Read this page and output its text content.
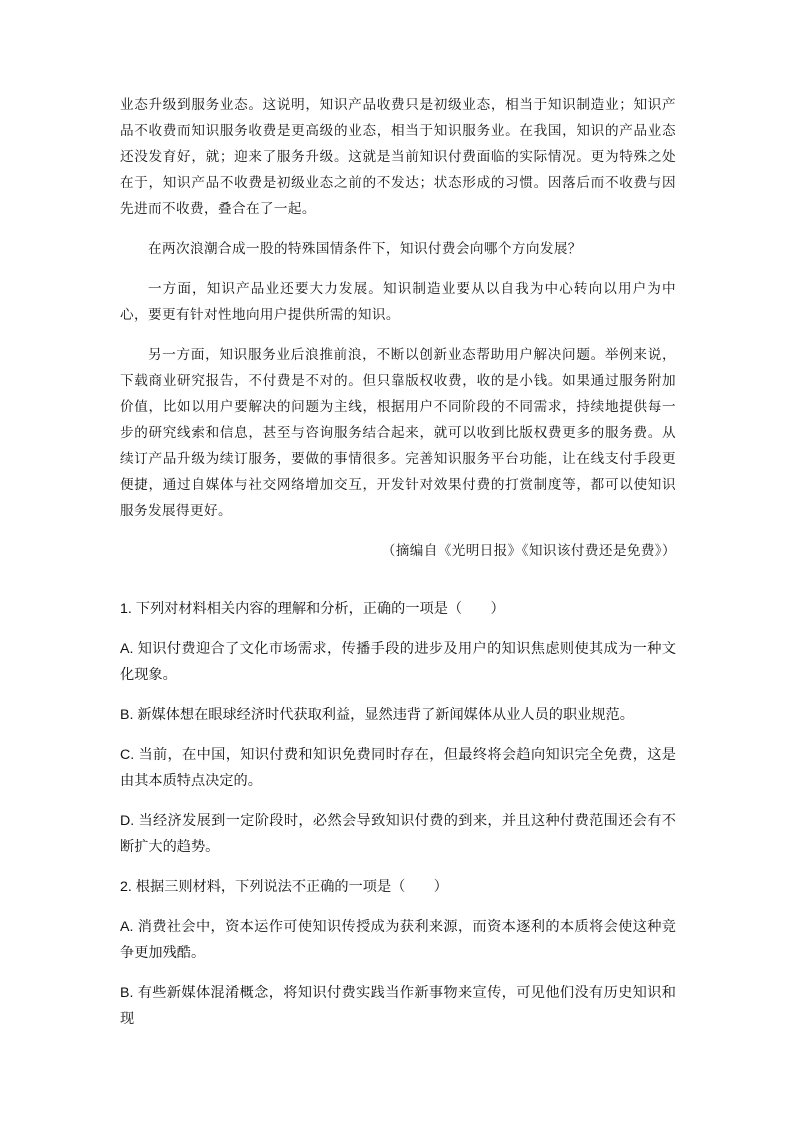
业态升级到服务业态。这说明，知识产品收费只是初级业态，相当于知识制造业；知识产品不收费而知识服务收费是更高级的业态，相当于知识服务业。在我国，知识的产品业态还没发育好，就；迎来了服务升级。这就是当前知识付费面临的实际情况。更为特殊之处在于，知识产品不收费是初级业态之前的不发达；状态形成的习惯。因落后而不收费与因先进而不收费，叠合在了一起。

在两次浪潮合成一股的特殊国情条件下，知识付费会向哪个方向发展？

一方面，知识产品业还要大力发展。知识制造业要从以自我为中心转向以用户为中心，要更有针对性地向用户提供所需的知识。

另一方面，知识服务业后浪推前浪，不断以创新业态帮助用户解决问题。举例来说，下载商业研究报告，不付费是不对的。但只靠版权收费，收的是小钱。如果通过服务附加价值，比如以用户要解决的问题为主线，根据用户不同阶段的不同需求，持续地提供每一步的研究线索和信息，甚至与咨询服务结合起来，就可以收到比版权费更多的服务费。从续订产品升级为续订服务，要做的事情很多。完善知识服务平台功能，让在线支付手段更便捷，通过自媒体与社交网络增加交互，开发针对效果付费的打赏制度等，都可以使知识服务发展得更好。

（摘编自《光明日报》《知识该付费还是免费》）

1. 下列对材料相关内容的理解和分析，正确的一项是（　　）

A. 知识付费迎合了文化市场需求，传播手段的进步及用户的知识焦虑则使其成为一种文化现象。

B. 新媒体想在眼球经济时代获取利益，显然违背了新闻媒体从业人员的职业规范。

C. 当前，在中国，知识付费和知识免费同时存在，但最终将会趋向知识完全免费，这是由其本质特点决定的。

D. 当经济发展到一定阶段时，必然会导致知识付费的到来，并且这种付费范围还会有不断扩大的趋势。

2. 根据三则材料，下列说法不正确的一项是（　　）

A. 消费社会中，资本运作可使知识传授成为获利来源，而资本逐利的本质将会使这种竞争更加残酷。

B. 有些新媒体混淆概念，将知识付费实践当作新事物来宣传，可见他们没有历史知识和现
